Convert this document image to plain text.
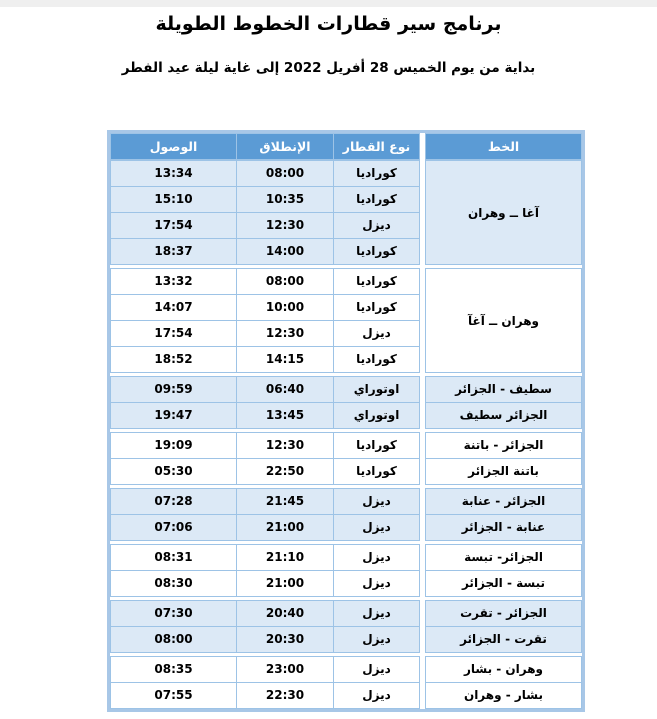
برنامج سير قطارات الخطوط الطويلة
بداية من يوم الخميس 28 أفريل 2022 إلى غاية ليلة عيد الفطر
الخط
نوع القطار
الإنطلاق
الوصول
آغا ــ وهران
كوراديا
08:00
13:34
كوراديا
10:35
15:10
ديزل
12:30
17:54
كوراديا
14:00
18:37
وهران ــ آغآ
كوراديا
08:00
13:32
كوراديا
10:00
14:07
ديزل
12:30
17:54
كوراديا
14:15
18:52
سطيف - الجزائر
الجزائر سطيف
اوتوراي
06:40
09:59
اوتوراي
13:45
19:47
الجزائر - باتنة
باتنة الجزائر
كوراديا
12:30
19:09
كوراديا
22:50
05:30
الجزائر - عنابة
عنابة - الجزائر
ديزل
21:45
07:28
ديزل
21:00
07:06
الجزائر- تبسة
تبسة - الجزائر
ديزل
21:10
08:31
ديزل
21:00
08:30
الجزائر - تقرت
تقرت - الجزائر
ديزل
20:40
07:30
ديزل
20:30
08:00
وهران - بشار
بشار - وهران
ديزل
23:00
08:35
ديزل
22:30
07:55
